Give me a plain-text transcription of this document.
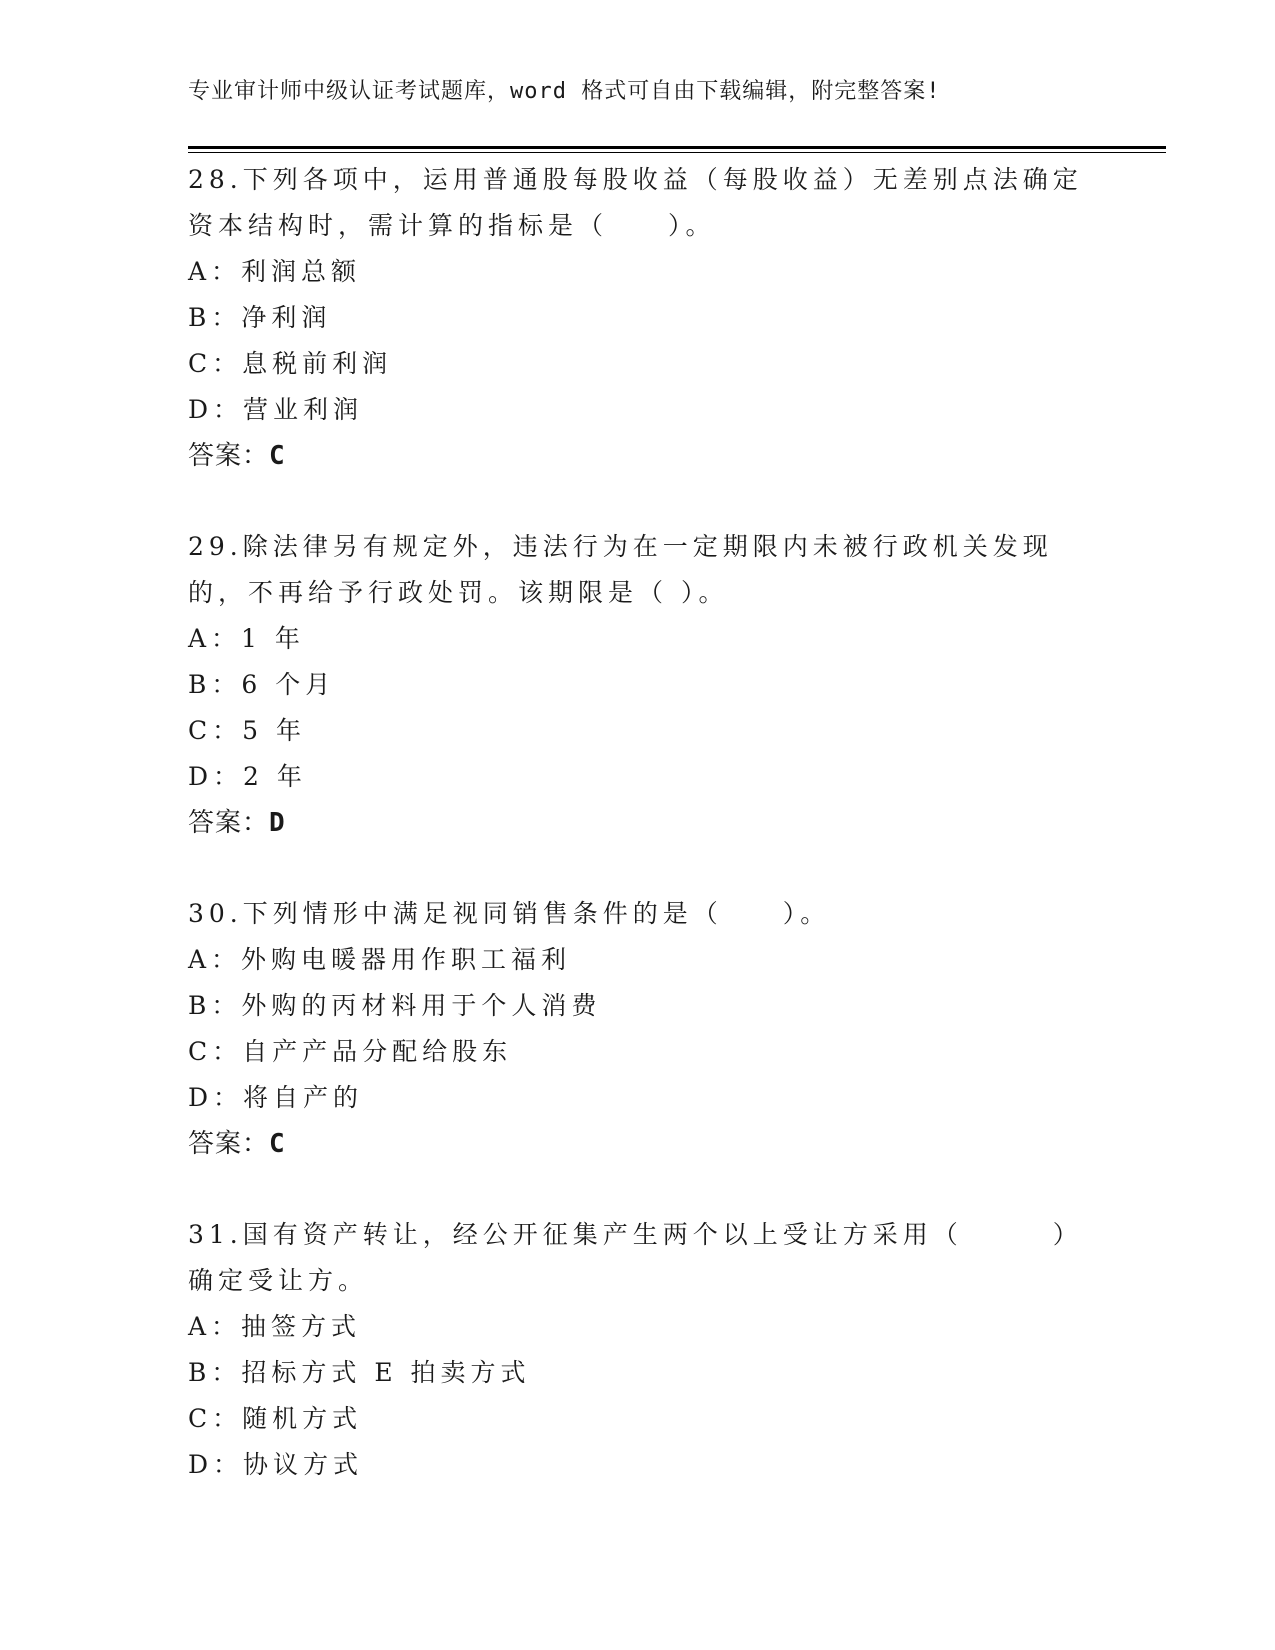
专业审计师中级认证考试题库，word 格式可自由下载编辑，附完整答案!
28.下列各项中，运用普通股每股收益（每股收益）无差别点法确定资本结构时，需计算的指标是（　　）。
A：利润总额
B：净利润
C：息税前利润
D：营业利润
答案：C
29.除法律另有规定外，违法行为在一定期限内未被行政机关发现的，不再给予行政处罚。该期限是（ ）。
A：1 年
B：6 个月
C：5 年
D：2 年
答案：D
30.下列情形中满足视同销售条件的是（　　）。
A：外购电暖器用作职工福利
B：外购的丙材料用于个人消费
C：自产产品分配给股东
D：将自产的
答案：C
31.国有资产转让，经公开征集产生两个以上受让方采用（　　　）确定受让方。
A：抽签方式
B：招标方式 E 拍卖方式
C：随机方式
D：协议方式
